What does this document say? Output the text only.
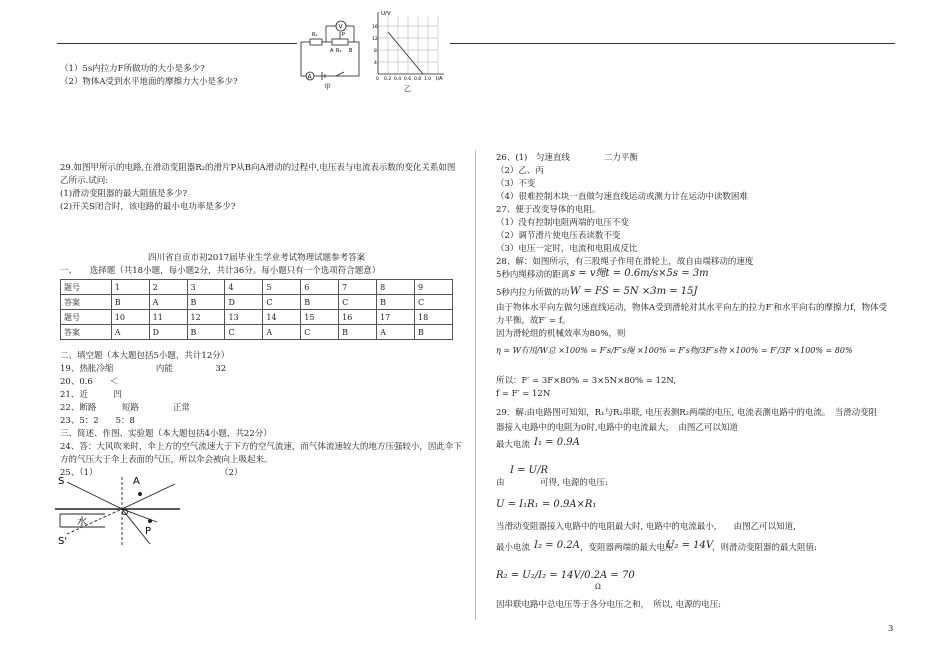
（1）5s内拉力F所做功的大小是多少?
（2）物体A受到水平地面的摩擦力大小是多少?
V
R₁	P
R₂
A
B
A
甲
U/V
16
12
8
4
0 0.2 0.4 0.6 0.8 1.0 I/A
乙
29.如图甲所示的电路,在滑动变阻器R₂的滑片P从B向A滑动的过程中,电压表与电流表示数的变化关系如图
乙所示.试问:
(1)滑动变阻器的最大阻值是多少?
(2)开关S闭合时，该电路的最小电功率是多少?
四川省自贡市初2017届毕业生学业考试物理试题参考答案
一、　　选择题（共18小题，每小题2分，共计36分。每小题只有一个选项符合题意）
题号	1	2	3	4	5	6	7	8	9
答案	B	A	B	D	C	B	C	B	C
题号	10	11	12	13	14	15	16	17	18
答案	A	D	B	C	A	C	B	A	B
二、填空题（本大题包括5小题，共计12分）
19、热胀冷缩　　　　　内能　　　　　32
20、0.6　　＜
21、近　　　凹
22、断路　　　短路　　　　正常
23、5：2　　5：8
三、简述、作图、实验题（本大题包括4小题，共22分）
24、答：大风吹来时，伞上方的空气流速大于下方的空气流速，而气体流速较大的地方压强较小，因此伞下
方的气压大于伞上表面的气压，所以伞会被向上吸起来。
25、（1）	（2）
S	A
水
P
S'
26、(1)　匀速直线　　　　二力平衡
（2）乙、丙
（3）不变
（4）很难控制木块一直做匀速直线运动或测力计在运动中读数困难
27、便于改变导体的电阻。
（1）没有控制电阻两端的电压不变
（2）调节滑片使电压表读数不变
（3）电压一定时，电流和电阻成反比
28、解：如图所示，有三股绳子作用在滑轮上，故自由端移动的速度
5秒内绳移动的距离 s = v绳t = 0.6m/s×5s = 3m
5秒内拉力所做的功 W = FS = 5N ×3m = 15J
由于物体水平向左做匀速直线运动，物体A受到滑轮对其水平向左的拉力F′和水平向右的摩擦力f，物体受
力平衡，故F′ = f。
因为滑轮组的机械效率为80%，则
η = W有用/W总 ×100% = F′s/F″s绳 ×100% = F′s物/3F″s物 ×100% = F′/3F ×100% = 80%
所以：F′ = 3F×80% = 3×5N×80% = 12N,
f = F′ = 12N
29．解:由电路图可知知，R₁与R₂串联, 电压表测R₂两端的电压, 电流表测电路中的电流。　当滑动变阻
器接入电路中的电阻为0时,电路中的电流最大，　由图乙可以知道
最大电流 I₁ = 0.9A
由
I = U/R
可得, 电源的电压:
U = I₁R₁ = 0.9A×R₁
当滑动变阻器接入电路中的电阻最大时, 电路中的电流最小,　　由图乙可以知道,
最小电流 I₂ = 0.2A ，变阻器两端的最大电压
U₂ = 14V
，则滑动变阻器的最大阻值:
R₂ = U₂/I₂ = 14V/0.2A = 70
Ω
因串联电路中总电压等于各分电压之和，　所以, 电源的电压:
3
